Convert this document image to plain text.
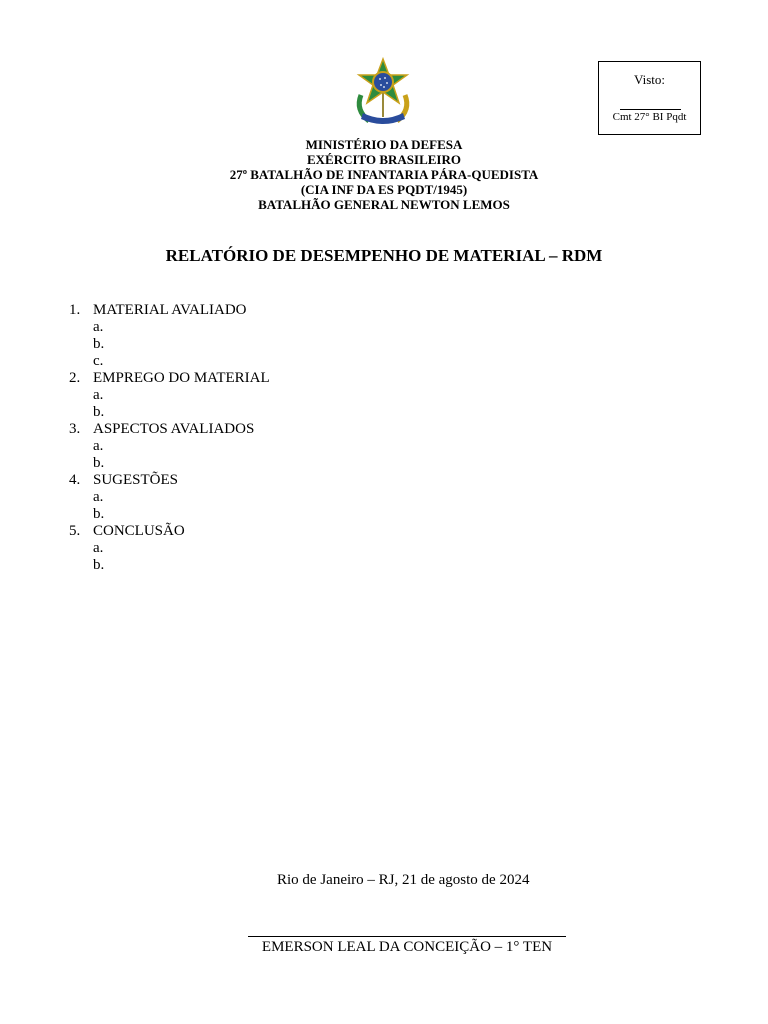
Visto:
Cmt 27° BI Pqdt
MINISTÉRIO DA DEFESA
EXÉRCITO BRASILEIRO
27º BATALHÃO DE INFANTARIA PÁRA-QUEDISTA
(CIA INF DA ES PQDT/1945)
BATALHÃO GENERAL NEWTON LEMOS
RELATÓRIO DE DESEMPENHO DE MATERIAL – RDM
1. MATERIAL AVALIADO
a.
b.
c.
2. EMPREGO DO MATERIAL
a.
b.
3. ASPECTOS AVALIADOS
a.
b.
4. SUGESTÕES
a.
b.
5. CONCLUSÃO
a.
b.
Rio de Janeiro – RJ, 21 de agosto de 2024
EMERSON LEAL DA CONCEIÇÃO – 1° TEN
